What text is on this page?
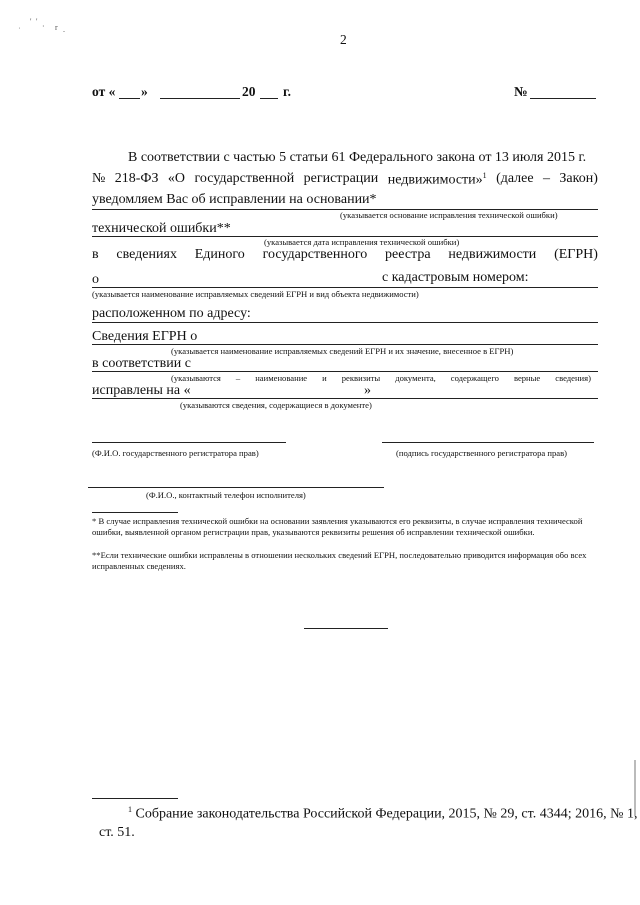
˙
' '
· r .
2
от « »	20 г.	№
В соответствии с частью 5 статьи 61 Федерального закона от 13 июля 2015 г.
№ 218-ФЗ «О государственной регистрации недвижимости»$^1$ (далее – Закон)
уведомляем Вас об исправлении на основании*
(указывается основание исправления технической ошибки)
технической ошибки**
(указывается дата исправления технической ошибки)
в сведениях Единого государственного реестра недвижимости (ЕГРН)
о	с кадастровым номером:
(указывается наименование исправляемых сведений ЕГРН и вид объекта недвижимости)
расположенном по адресу:
Сведения ЕГРН о
(указывается наименование исправляемых сведений ЕГРН и их значение, внесенное в ЕГРН)
в соответствии с
(указываются – наименование и реквизиты документа, содержащего верные сведения)
исправлены на «	»
(указываются сведения, содержащиеся в документе)
(Ф.И.О. государственного регистратора прав)	(подпись государственного регистратора прав)
(Ф.И.О., контактный телефон исполнителя)
* В случае исправления технической ошибки на основании заявления указываются его реквизиты, в случае исправления технической ошибки, выявленной органом регистрации прав, указываются реквизиты решения об исправлении технической ошибки.
**Если технические ошибки исправлены в отношении нескольких сведений ЕГРН, последовательно приводится информация обо всех исправленных сведениях.
$^1$ Собрание законодательства Российской Федерации, 2015, № 29, ст. 4344; 2016, № 1,
ст. 51.
